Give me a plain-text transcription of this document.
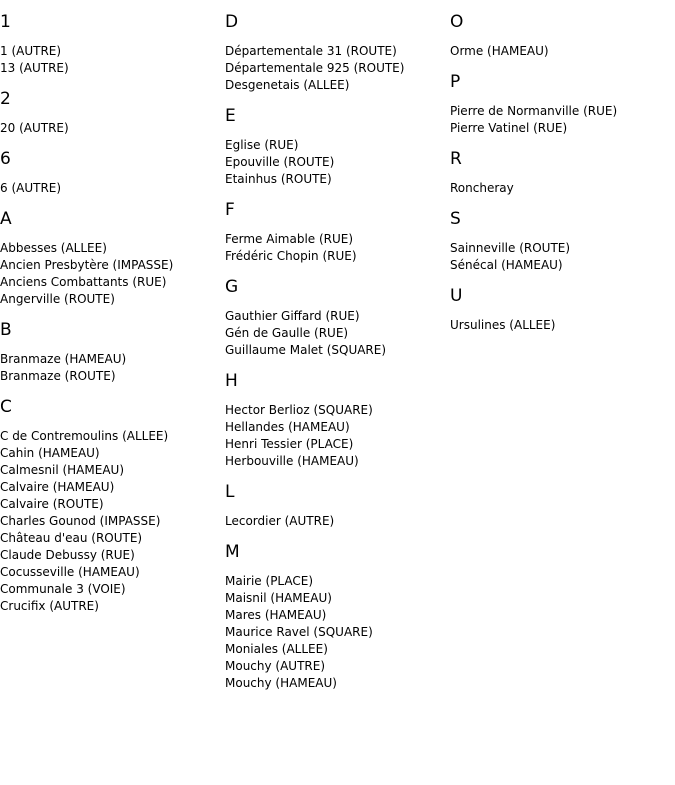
1
1 (AUTRE)
13 (AUTRE)
2
20 (AUTRE)
6
6 (AUTRE)
A
Abbesses (ALLEE)
Ancien Presbytère (IMPASSE)
Anciens Combattants (RUE)
Angerville (ROUTE)
B
Branmaze (HAMEAU)
Branmaze (ROUTE)
C
C de Contremoulins (ALLEE)
Cahin (HAMEAU)
Calmesnil (HAMEAU)
Calvaire (HAMEAU)
Calvaire (ROUTE)
Charles Gounod (IMPASSE)
Château d'eau (ROUTE)
Claude Debussy (RUE)
Cocusseville (HAMEAU)
Communale 3 (VOIE)
Crucifix (AUTRE)
D
Départementale 31 (ROUTE)
Départementale 925 (ROUTE)
Desgenetais (ALLEE)
E
Eglise (RUE)
Epouville (ROUTE)
Etainhus (ROUTE)
F
Ferme Aimable (RUE)
Frédéric Chopin (RUE)
G
Gauthier Giffard (RUE)
Gén de Gaulle (RUE)
Guillaume Malet (SQUARE)
H
Hector Berlioz (SQUARE)
Hellandes (HAMEAU)
Henri Tessier (PLACE)
Herbouville (HAMEAU)
L
Lecordier (AUTRE)
M
Mairie (PLACE)
Maisnil (HAMEAU)
Mares (HAMEAU)
Maurice Ravel (SQUARE)
Moniales (ALLEE)
Mouchy (AUTRE)
Mouchy (HAMEAU)
O
Orme (HAMEAU)
P
Pierre de Normanville (RUE)
Pierre Vatinel (RUE)
R
Roncheray
S
Sainneville (ROUTE)
Sénécal (HAMEAU)
U
Ursulines (ALLEE)
